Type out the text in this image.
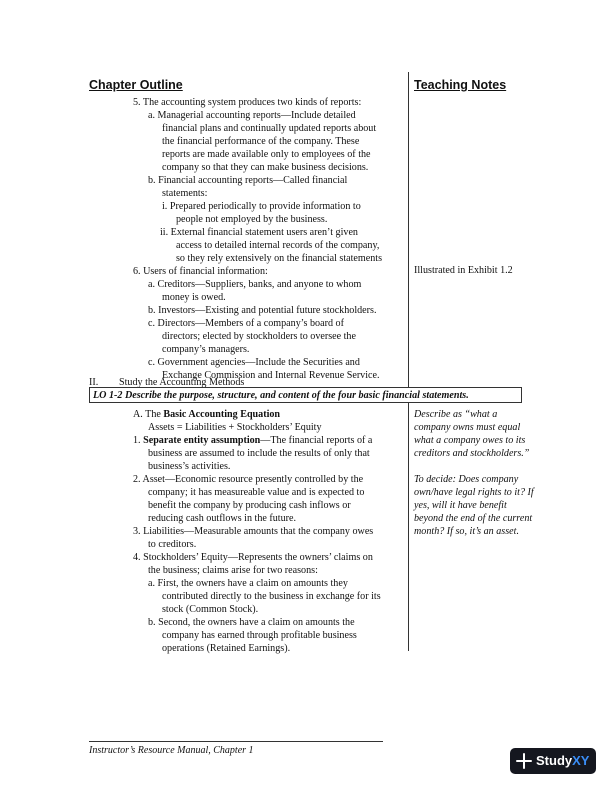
Chapter Outline	Teaching Notes
5. The accounting system produces two kinds of reports:
a. Managerial accounting reports—Include detailed
financial plans and continually updated reports about
the financial performance of the company. These
reports are made available only to employees of the
company so that they can make business decisions.
b. Financial accounting reports—Called financial
statements:
i. Prepared periodically to provide information to
people not employed by the business.
ii. External financial statement users aren’t given
access to detailed internal records of the company,
so they rely extensively on the financial statements
6. Users of financial information:	Illustrated in Exhibit 1.2
a. Creditors—Suppliers, banks, and anyone to whom
money is owed.
b. Investors—Existing and potential future stockholders.
c. Directors—Members of a company’s board of
directors; elected by stockholders to oversee the
company’s managers.
c. Government agencies—Include the Securities and
Exchange Commission and Internal Revenue Service.
II. Study the Accounting Methods
LO 1-2 Describe the purpose, structure, and content of the four basic financial statements.
A. The Basic Accounting Equation
Assets = Liabilities + Stockholders’ Equity
1. Separate entity assumption—The financial reports of a
business are assumed to include the results of only that
business’s activities.
2. Asset—Economic resource presently controlled by the
company; it has measureable value and is expected to
benefit the company by producing cash inflows or
reducing cash outflows in the future.
3. Liabilities—Measurable amounts that the company owes
to creditors.
4. Stockholders’ Equity—Represents the owners’ claims on
the business; claims arise for two reasons:
a. First, the owners have a claim on amounts they
contributed directly to the business in exchange for its
stock (Common Stock).
b. Second, the owners have a claim on amounts the
company has earned through profitable business
operations (Retained Earnings).
Describe as “what a
company owns must equal
what a company owes to its
creditors and stockholders.”
To decide: Does company
own/have legal rights to it? If
yes, will it have benefit
beyond the end of the current
month? If so, it’s an asset.
Instructor’s Resource Manual, Chapter 1
StudyXY
